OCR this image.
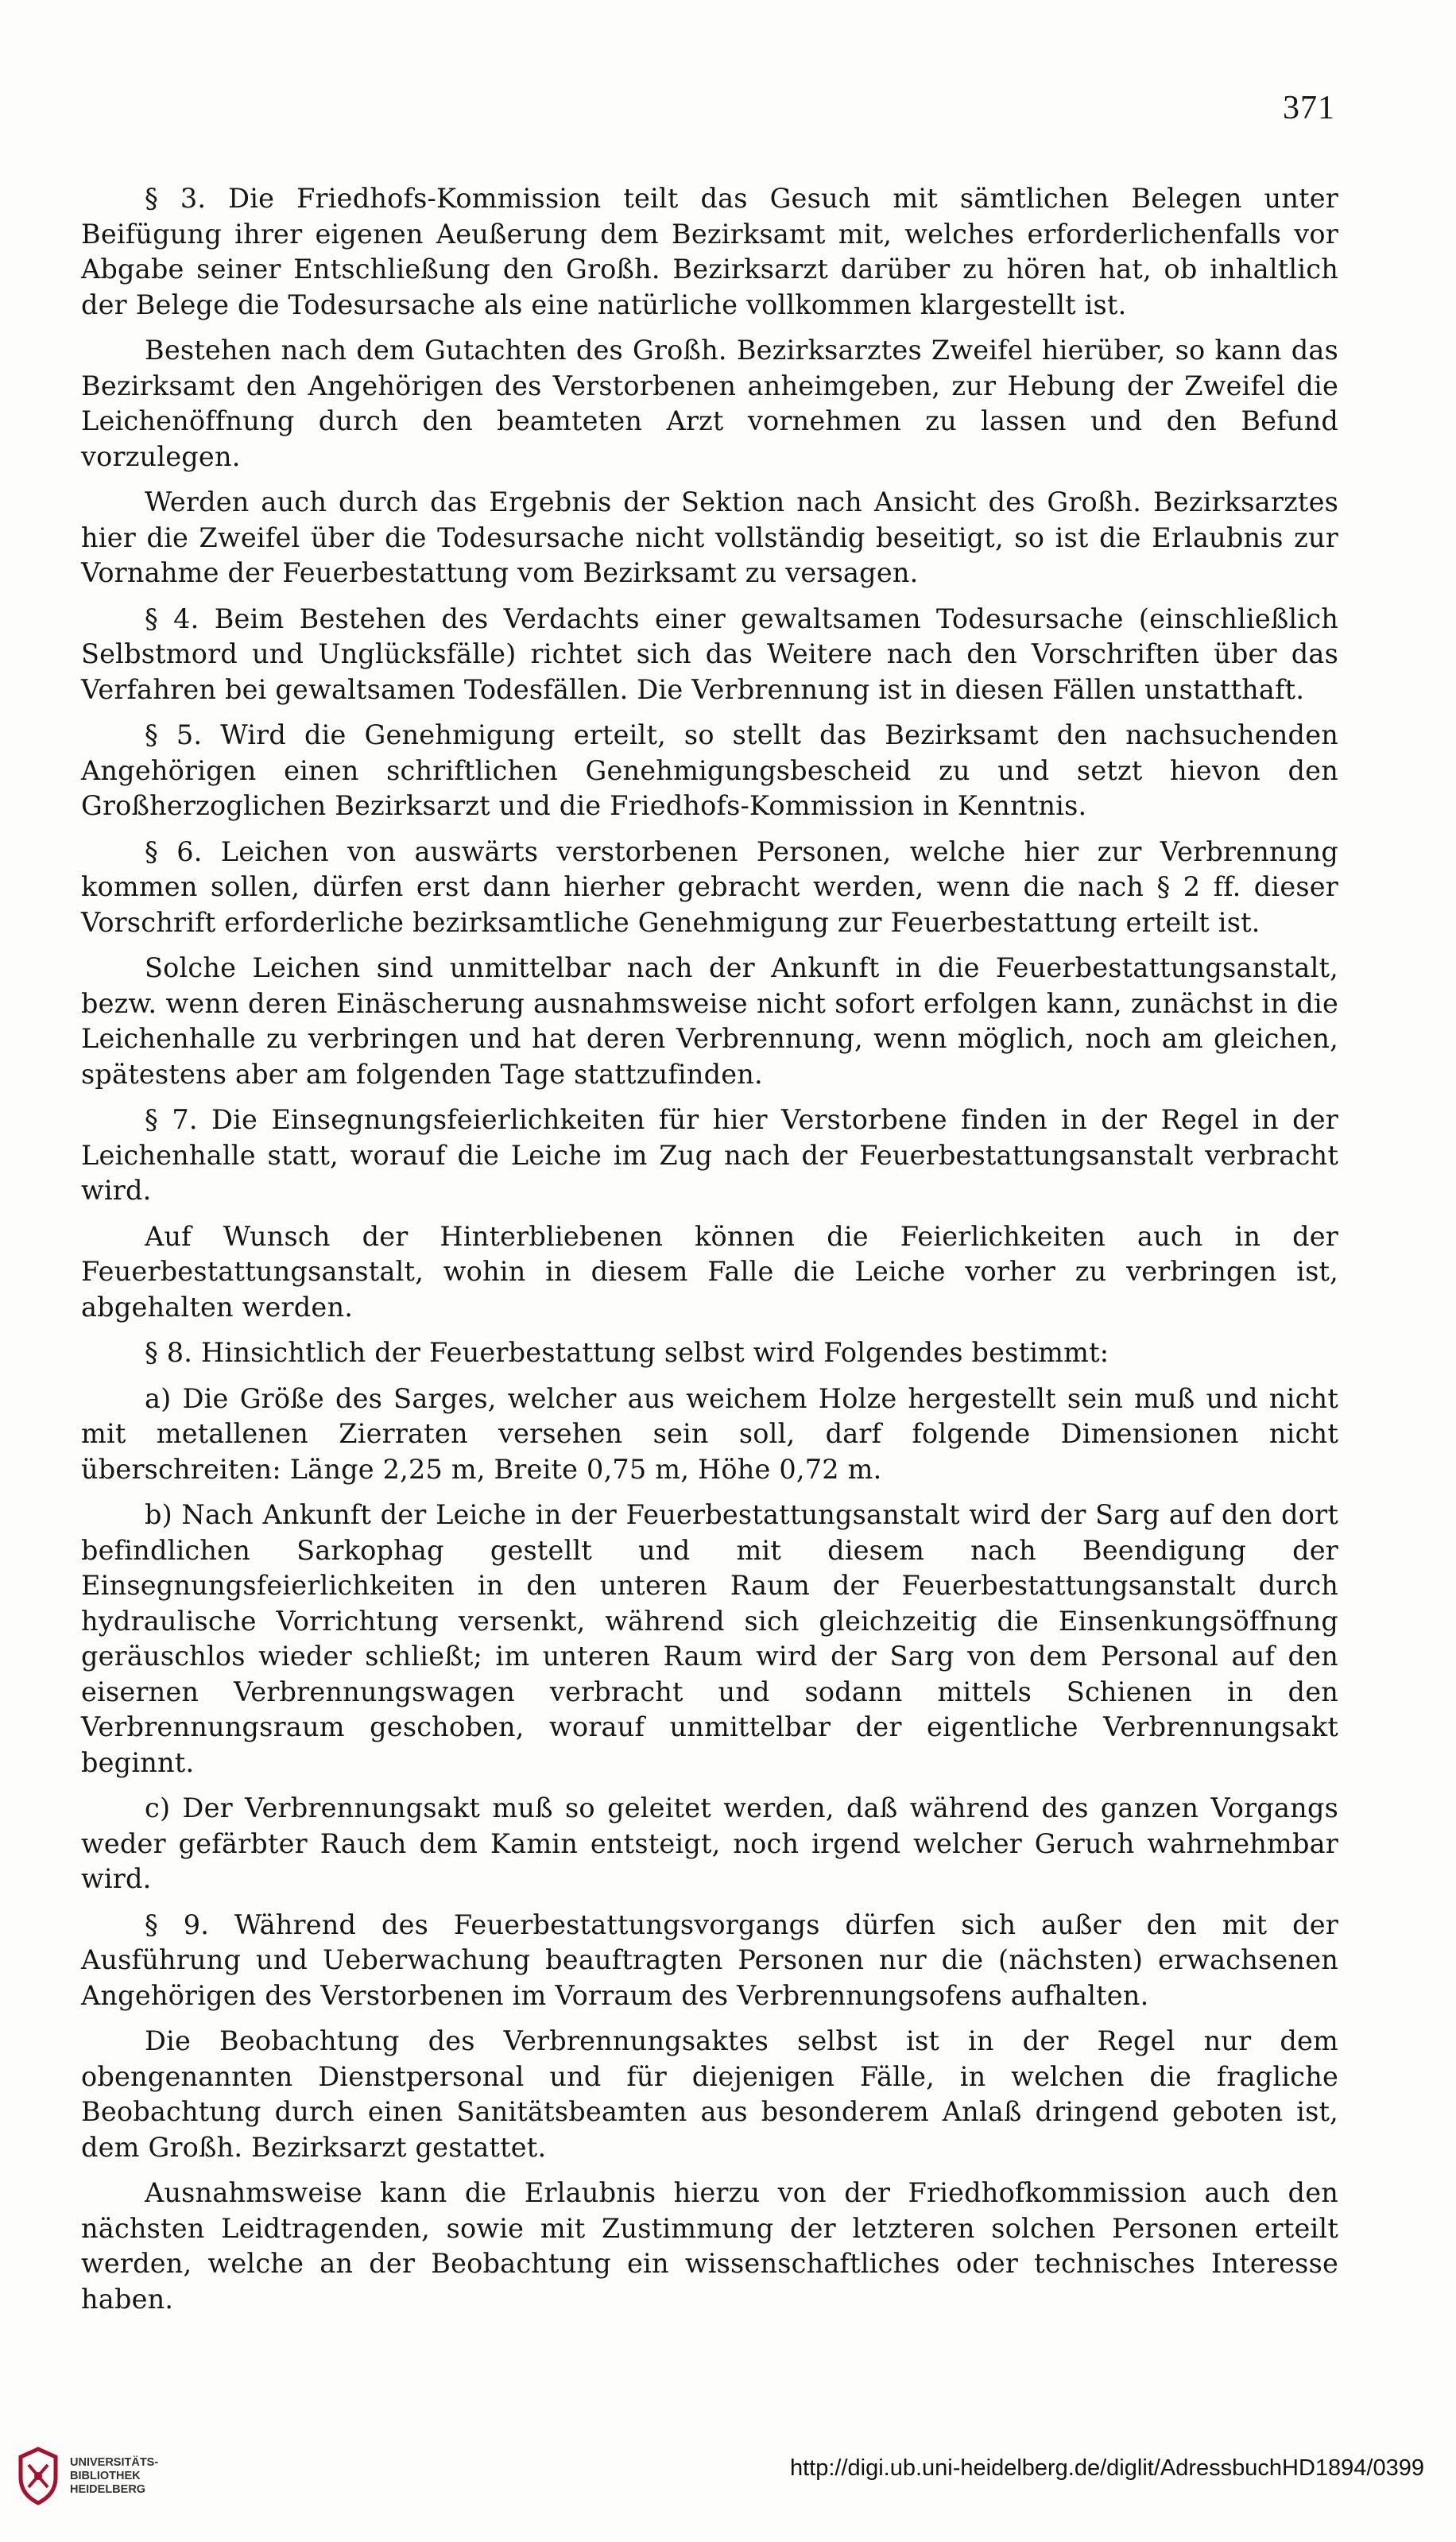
371

§ 3. Die Friedhofs-Kommission teilt das Gesuch mit sämtlichen Belegen unter Beifügung ihrer eigenen Aeußerung dem Bezirksamt mit, welches erforderlichenfalls vor Abgabe seiner Entschließung den Großh. Bezirksarzt darüber zu hören hat, ob inhaltlich der Belege die Todesursache als eine natürliche vollkommen klargestellt ist.

Bestehen nach dem Gutachten des Großh. Bezirksarztes Zweifel hierüber, so kann das Bezirksamt den Angehörigen des Verstorbenen anheimgeben, zur Hebung der Zweifel die Leichenöffnung durch den beamteten Arzt vornehmen zu lassen und den Befund vorzulegen.

Werden auch durch das Ergebnis der Sektion nach Ansicht des Großh. Bezirksarztes hier die Zweifel über die Todesursache nicht vollständig beseitigt, so ist die Erlaubnis zur Vornahme der Feuerbestattung vom Bezirksamt zu versagen.

§ 4. Beim Bestehen des Verdachts einer gewaltsamen Todesursache (einschließlich Selbstmord und Unglücksfälle) richtet sich das Weitere nach den Vorschriften über das Verfahren bei gewaltsamen Todesfällen. Die Verbrennung ist in diesen Fällen unstatthaft.

§ 5. Wird die Genehmigung erteilt, so stellt das Bezirksamt den nachsuchenden Angehörigen einen schriftlichen Genehmigungsbescheid zu und setzt hievon den Großherzoglichen Bezirksarzt und die Friedhofs-Kommission in Kenntnis.

§ 6. Leichen von auswärts verstorbenen Personen, welche hier zur Verbrennung kommen sollen, dürfen erst dann hierher gebracht werden, wenn die nach § 2 ff. dieser Vorschrift erforderliche bezirksamtliche Genehmigung zur Feuerbestattung erteilt ist.

Solche Leichen sind unmittelbar nach der Ankunft in die Feuerbestattungsanstalt, bezw. wenn deren Einäscherung ausnahmsweise nicht sofort erfolgen kann, zunächst in die Leichenhalle zu verbringen und hat deren Verbrennung, wenn möglich, noch am gleichen, spätestens aber am folgenden Tage stattzufinden.

§ 7. Die Einsegnungsfeierlichkeiten für hier Verstorbene finden in der Regel in der Leichenhalle statt, worauf die Leiche im Zug nach der Feuerbestattungsanstalt verbracht wird.

Auf Wunsch der Hinterbliebenen können die Feierlichkeiten auch in der Feuerbestattungsanstalt, wohin in diesem Falle die Leiche vorher zu verbringen ist, abgehalten werden.

§ 8. Hinsichtlich der Feuerbestattung selbst wird Folgendes bestimmt:

a) Die Größe des Sarges, welcher aus weichem Holze hergestellt sein muß und nicht mit metallenen Zierraten versehen sein soll, darf folgende Dimensionen nicht überschreiten: Länge 2,25 m, Breite 0,75 m, Höhe 0,72 m.

b) Nach Ankunft der Leiche in der Feuerbestattungsanstalt wird der Sarg auf den dort befindlichen Sarkophag gestellt und mit diesem nach Beendigung der Einsegnungsfeierlichkeiten in den unteren Raum der Feuerbestattungsanstalt durch hydraulische Vorrichtung versenkt, während sich gleichzeitig die Einsenkungsöffnung geräuschlos wieder schließt; im unteren Raum wird der Sarg von dem Personal auf den eisernen Verbrennungswagen verbracht und sodann mittels Schienen in den Verbrennungsraum geschoben, worauf unmittelbar der eigentliche Verbrennungsakt beginnt.

c) Der Verbrennungsakt muß so geleitet werden, daß während des ganzen Vorgangs weder gefärbter Rauch dem Kamin entsteigt, noch irgend welcher Geruch wahrnehmbar wird.

§ 9. Während des Feuerbestattungsvorgangs dürfen sich außer den mit der Ausführung und Ueberwachung beauftragten Personen nur die (nächsten) erwachsenen Angehörigen des Verstorbenen im Vorraum des Verbrennungsofens aufhalten.

Die Beobachtung des Verbrennungsaktes selbst ist in der Regel nur dem obengenannten Dienstpersonal und für diejenigen Fälle, in welchen die fragliche Beobachtung durch einen Sanitätsbeamten aus besonderem Anlaß dringend geboten ist, dem Großh. Bezirksarzt gestattet.

Ausnahmsweise kann die Erlaubnis hierzu von der Friedhofkommission auch den nächsten Leidtragenden, sowie mit Zustimmung der letzteren solchen Personen erteilt werden, welche an der Beobachtung ein wissenschaftliches oder technisches Interesse haben.

UNIVERSITÄTS-
BIBLIOTHEK
HEIDELBERG
http://digi.ub.uni-heidelberg.de/diglit/AdressbuchHD1894/0399
